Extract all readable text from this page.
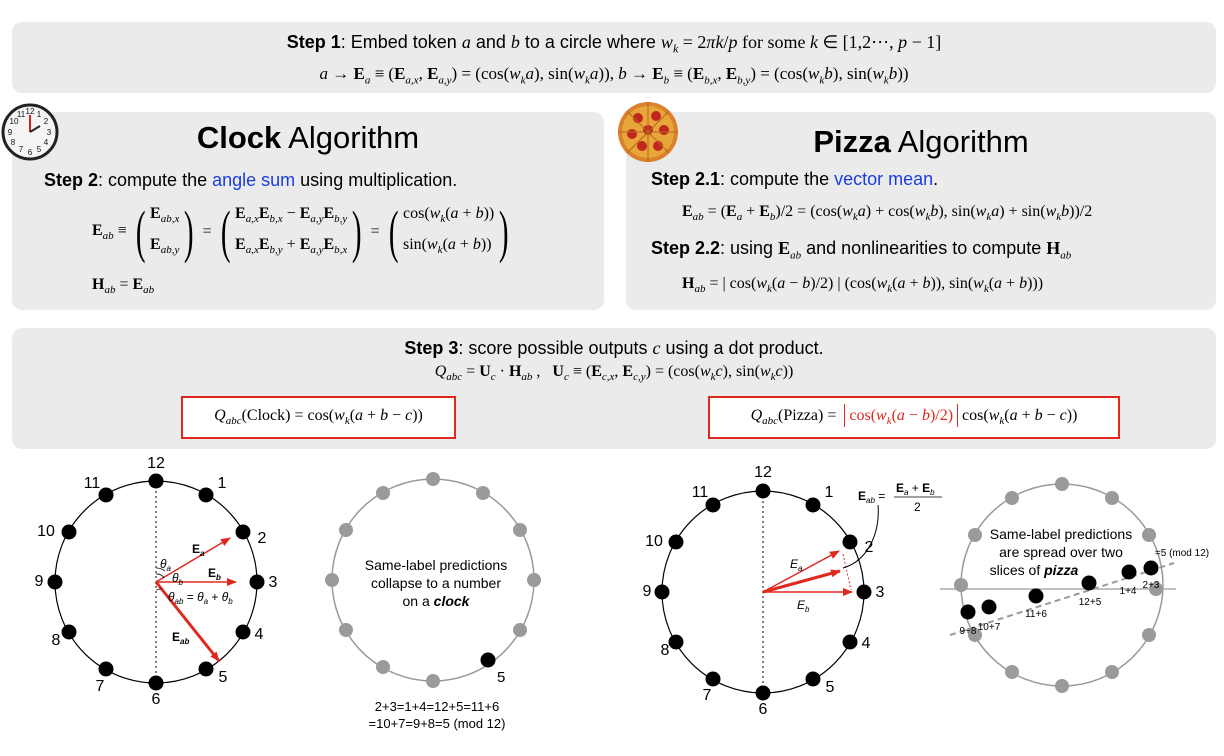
Step 1: Embed token a and b to a circle where $w_k = 2\pi k/p$ for some k ∈ [1,2⋯, p − 1]
$a \to E_a \equiv (E_{a,x}$, $E_{a,y}) = (\cos(w_ka)$, $\sin(w_ka)$), $b \to E_b \equiv (E_{b,x}$, $E_{b,y}) = (\cos(w_kb)$, $\sin(w_kb)$)
12 1
2
3
4
5
6
7
8
9
10
11
Clock Algorithm
Step 2: compute the angle sum using multiplication.
$E_{ab}$ ≡ ( $E_{ab,x}$
$E_{ab,y}$ ) = ( $E_{a,x}E_{b,x} - E_{a,y}E_{b,y}$
$E_{a,x}E_{b,y} + E_{a,y}E_{b,x}$ ) = ( $\cos(w_k(a + b))$
$\sin(w_k(a + b))$ )
$H_{ab} = E_{ab}$
Pizza Algorithm
Step 2.1: compute the vector mean.
$E_{ab} = (E_a + E_b)/2 = (\cos(w_ka) + \cos(w_kb)$, $\sin(w_ka) + \sin(w_kb))/2$
Step 2.2: using $E_{ab}$ and nonlinearities to compute $H_{ab}$
$H_{ab}$ = | $\cos(w_k(a - b)/2)$ | ($\cos(w_k(a + b))$, $\sin(w_k(a + b))$)
Step 3: score possible outputs c using a dot product.
$Q_{abc} = U_c \cdot H_{ab}$ ,   $U_c \equiv (E_{c,x}$, $E_{c,y}) = (\cos(w_kc)$, $\sin(w_kc)$)
$Q_{abc}(Clock) = \cos(w_k(a + b - c))$	$Q_{abc}(Pizza) = \cos(w_k(a - b)/2) \cos(w_k(a + b - c))$
12
1
2
3
4
5
6
7
8
9
10
11
$E_a$
$E_b$
$E_{ab}$
$\theta_a$
$\theta_b$
$\theta_{ab} = \theta_a + \theta_b$
5
Same-label predictions
collapse to a number
on a clock
2+3=1+4=12+5=11+6
=10+7=9+8=5 (mod 12)
12
1
2
3
4
5
6
7
8
9
10
11
$E_a$
$E_b$
$E_{ab}$ =
$E_a + E_b$
2
9+8 10+7
11+6
12+5
1+4
2+3
=5 (mod 12)
Same-label predictions
are spread over two
slices of pizza
